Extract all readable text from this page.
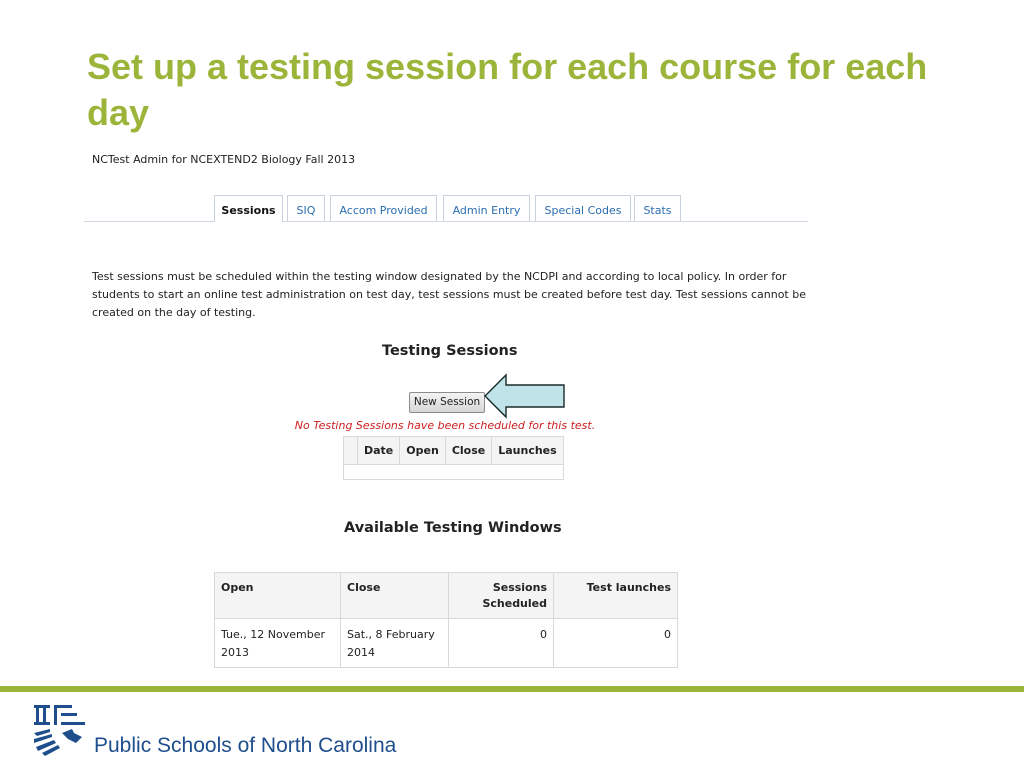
Set up a testing session for each course for each day
NCTest Admin for NCEXTEND2 Biology Fall 2013
Sessions	SIQ	Accom Provided	Admin Entry	Special Codes	Stats
Test sessions must be scheduled within the testing window designated by the NCDPI and according to local policy. In order for students to start an online test administration on test day, test sessions must be created before test day. Test sessions cannot be created on the day of testing.
Testing Sessions
New Session
No Testing Sessions have been scheduled for this test.
	Date	Open	Close	Launches

Available Testing Windows
Open	Close	Sessions Scheduled	Test launches
Tue., 12 November 2013	Sat., 8 February 2014	0	0
Public Schools of North Carolina
